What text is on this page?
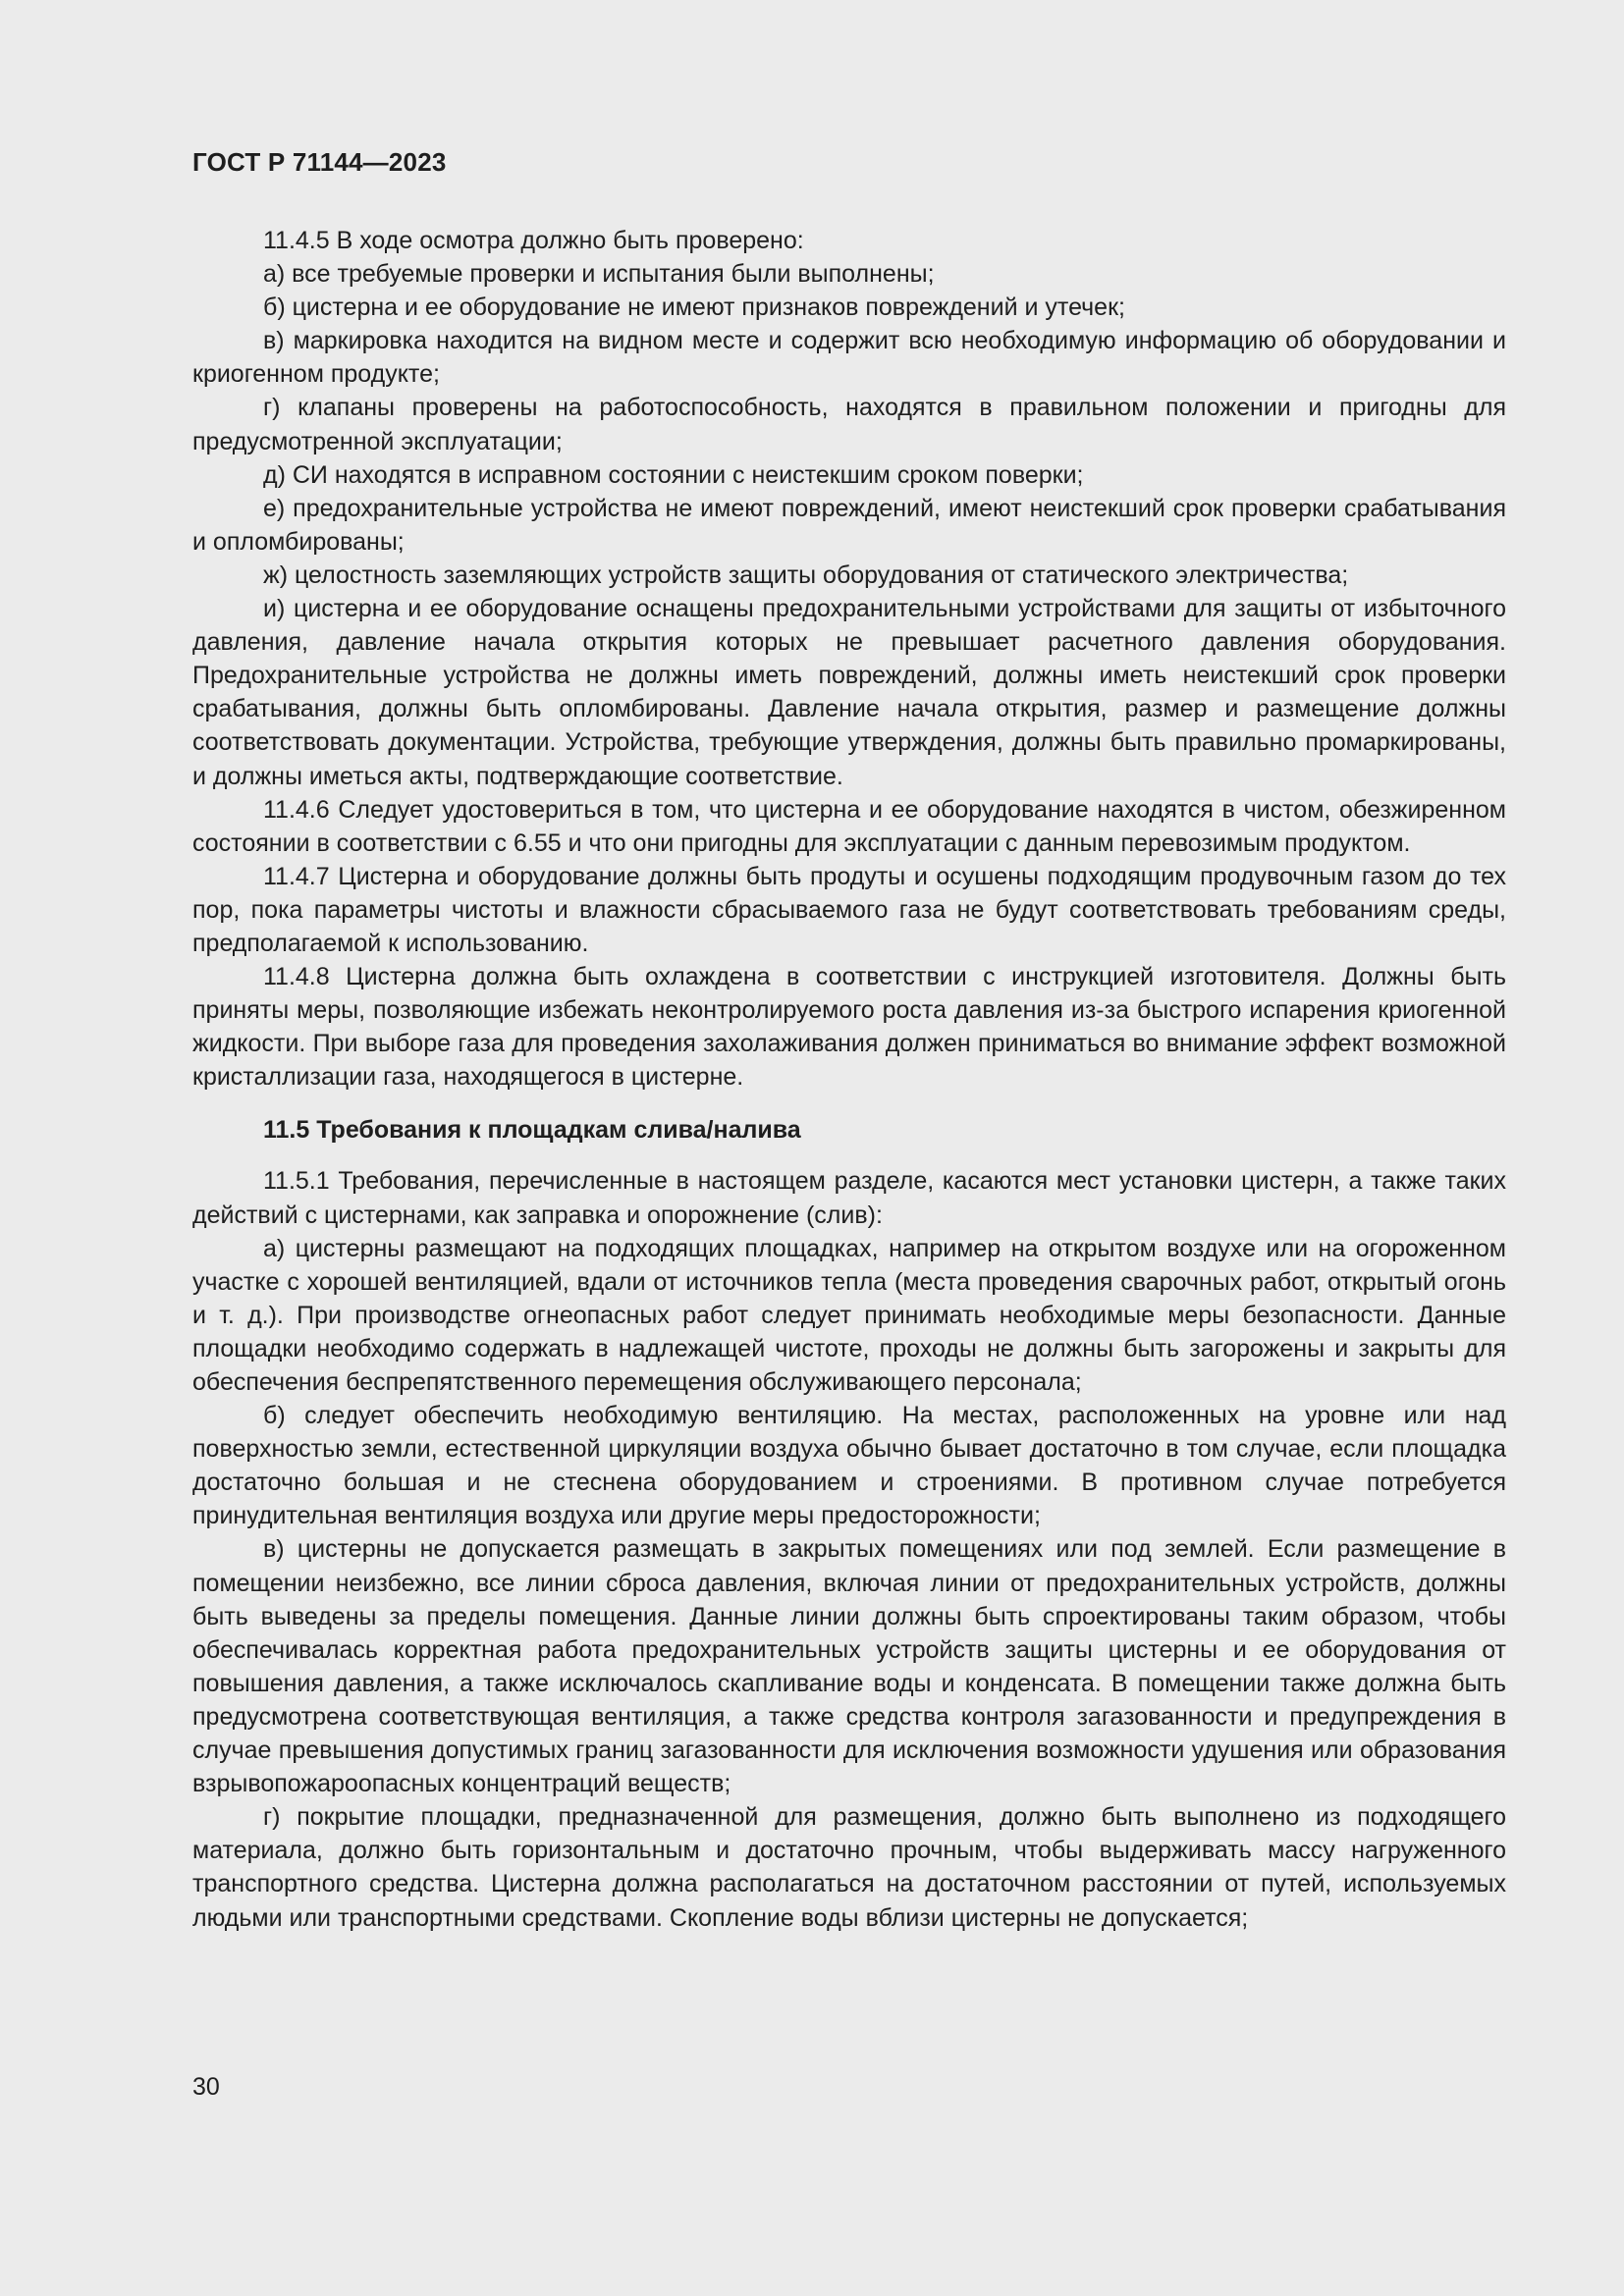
ГОСТ Р 71144—2023

11.4.5 В ходе осмотра должно быть проверено:

а) все требуемые проверки и испытания были выполнены;

б) цистерна и ее оборудование не имеют признаков повреждений и утечек;

в) маркировка находится на видном месте и содержит всю необходимую информацию об оборудовании и криогенном продукте;

г) клапаны проверены на работоспособность, находятся в правильном положении и пригодны для предусмотренной эксплуатации;

д) СИ находятся в исправном состоянии с неистекшим сроком поверки;

е) предохранительные устройства не имеют повреждений, имеют неистекший срок проверки срабатывания и опломбированы;

ж) целостность заземляющих устройств защиты оборудования от статического электричества;

и) цистерна и ее оборудование оснащены предохранительными устройствами для защиты от избыточного давления, давление начала открытия которых не превышает расчетного давления оборудования. Предохранительные устройства не должны иметь повреждений, должны иметь неистекший срок проверки срабатывания, должны быть опломбированы. Давление начала открытия, размер и размещение должны соответствовать документации. Устройства, требующие утверждения, должны быть правильно промаркированы, и должны иметься акты, подтверждающие соответствие.

11.4.6 Следует удостовериться в том, что цистерна и ее оборудование находятся в чистом, обезжиренном состоянии в соответствии с 6.55 и что они пригодны для эксплуатации с данным перевозимым продуктом.

11.4.7 Цистерна и оборудование должны быть продуты и осушены подходящим продувочным газом до тех пор, пока параметры чистоты и влажности сбрасываемого газа не будут соответствовать требованиям среды, предполагаемой к использованию.

11.4.8 Цистерна должна быть охлаждена в соответствии с инструкцией изготовителя. Должны быть приняты меры, позволяющие избежать неконтролируемого роста давления из-за быстрого испарения криогенной жидкости. При выборе газа для проведения захолаживания должен приниматься во внимание эффект возможной кристаллизации газа, находящегося в цистерне.

11.5 Требования к площадкам слива/налива

11.5.1 Требования, перечисленные в настоящем разделе, касаются мест установки цистерн, а также таких действий с цистернами, как заправка и опорожнение (слив):

а) цистерны размещают на подходящих площадках, например на открытом воздухе или на огороженном участке с хорошей вентиляцией, вдали от источников тепла (места проведения сварочных работ, открытый огонь и т. д.). При производстве огнеопасных работ следует принимать необходимые меры безопасности. Данные площадки необходимо содержать в надлежащей чистоте, проходы не должны быть загорожены и закрыты для обеспечения беспрепятственного перемещения обслуживающего персонала;

б) следует обеспечить необходимую вентиляцию. На местах, расположенных на уровне или над поверхностью земли, естественной циркуляции воздуха обычно бывает достаточно в том случае, если площадка достаточно большая и не стеснена оборудованием и строениями. В противном случае потребуется принудительная вентиляция воздуха или другие меры предосторожности;

в) цистерны не допускается размещать в закрытых помещениях или под землей. Если размещение в помещении неизбежно, все линии сброса давления, включая линии от предохранительных устройств, должны быть выведены за пределы помещения. Данные линии должны быть спроектированы таким образом, чтобы обеспечивалась корректная работа предохранительных устройств защиты цистерны и ее оборудования от повышения давления, а также исключалось скапливание воды и конденсата. В помещении также должна быть предусмотрена соответствующая вентиляция, а также средства контроля загазованности и предупреждения в случае превышения допустимых границ загазованности для исключения возможности удушения или образования взрывопожароопасных концентраций веществ;

г) покрытие площадки, предназначенной для размещения, должно быть выполнено из подходящего материала, должно быть горизонтальным и достаточно прочным, чтобы выдерживать массу нагруженного транспортного средства. Цистерна должна располагаться на достаточном расстоянии от путей, используемых людьми или транспортными средствами. Скопление воды вблизи цистерны не допускается;

30
